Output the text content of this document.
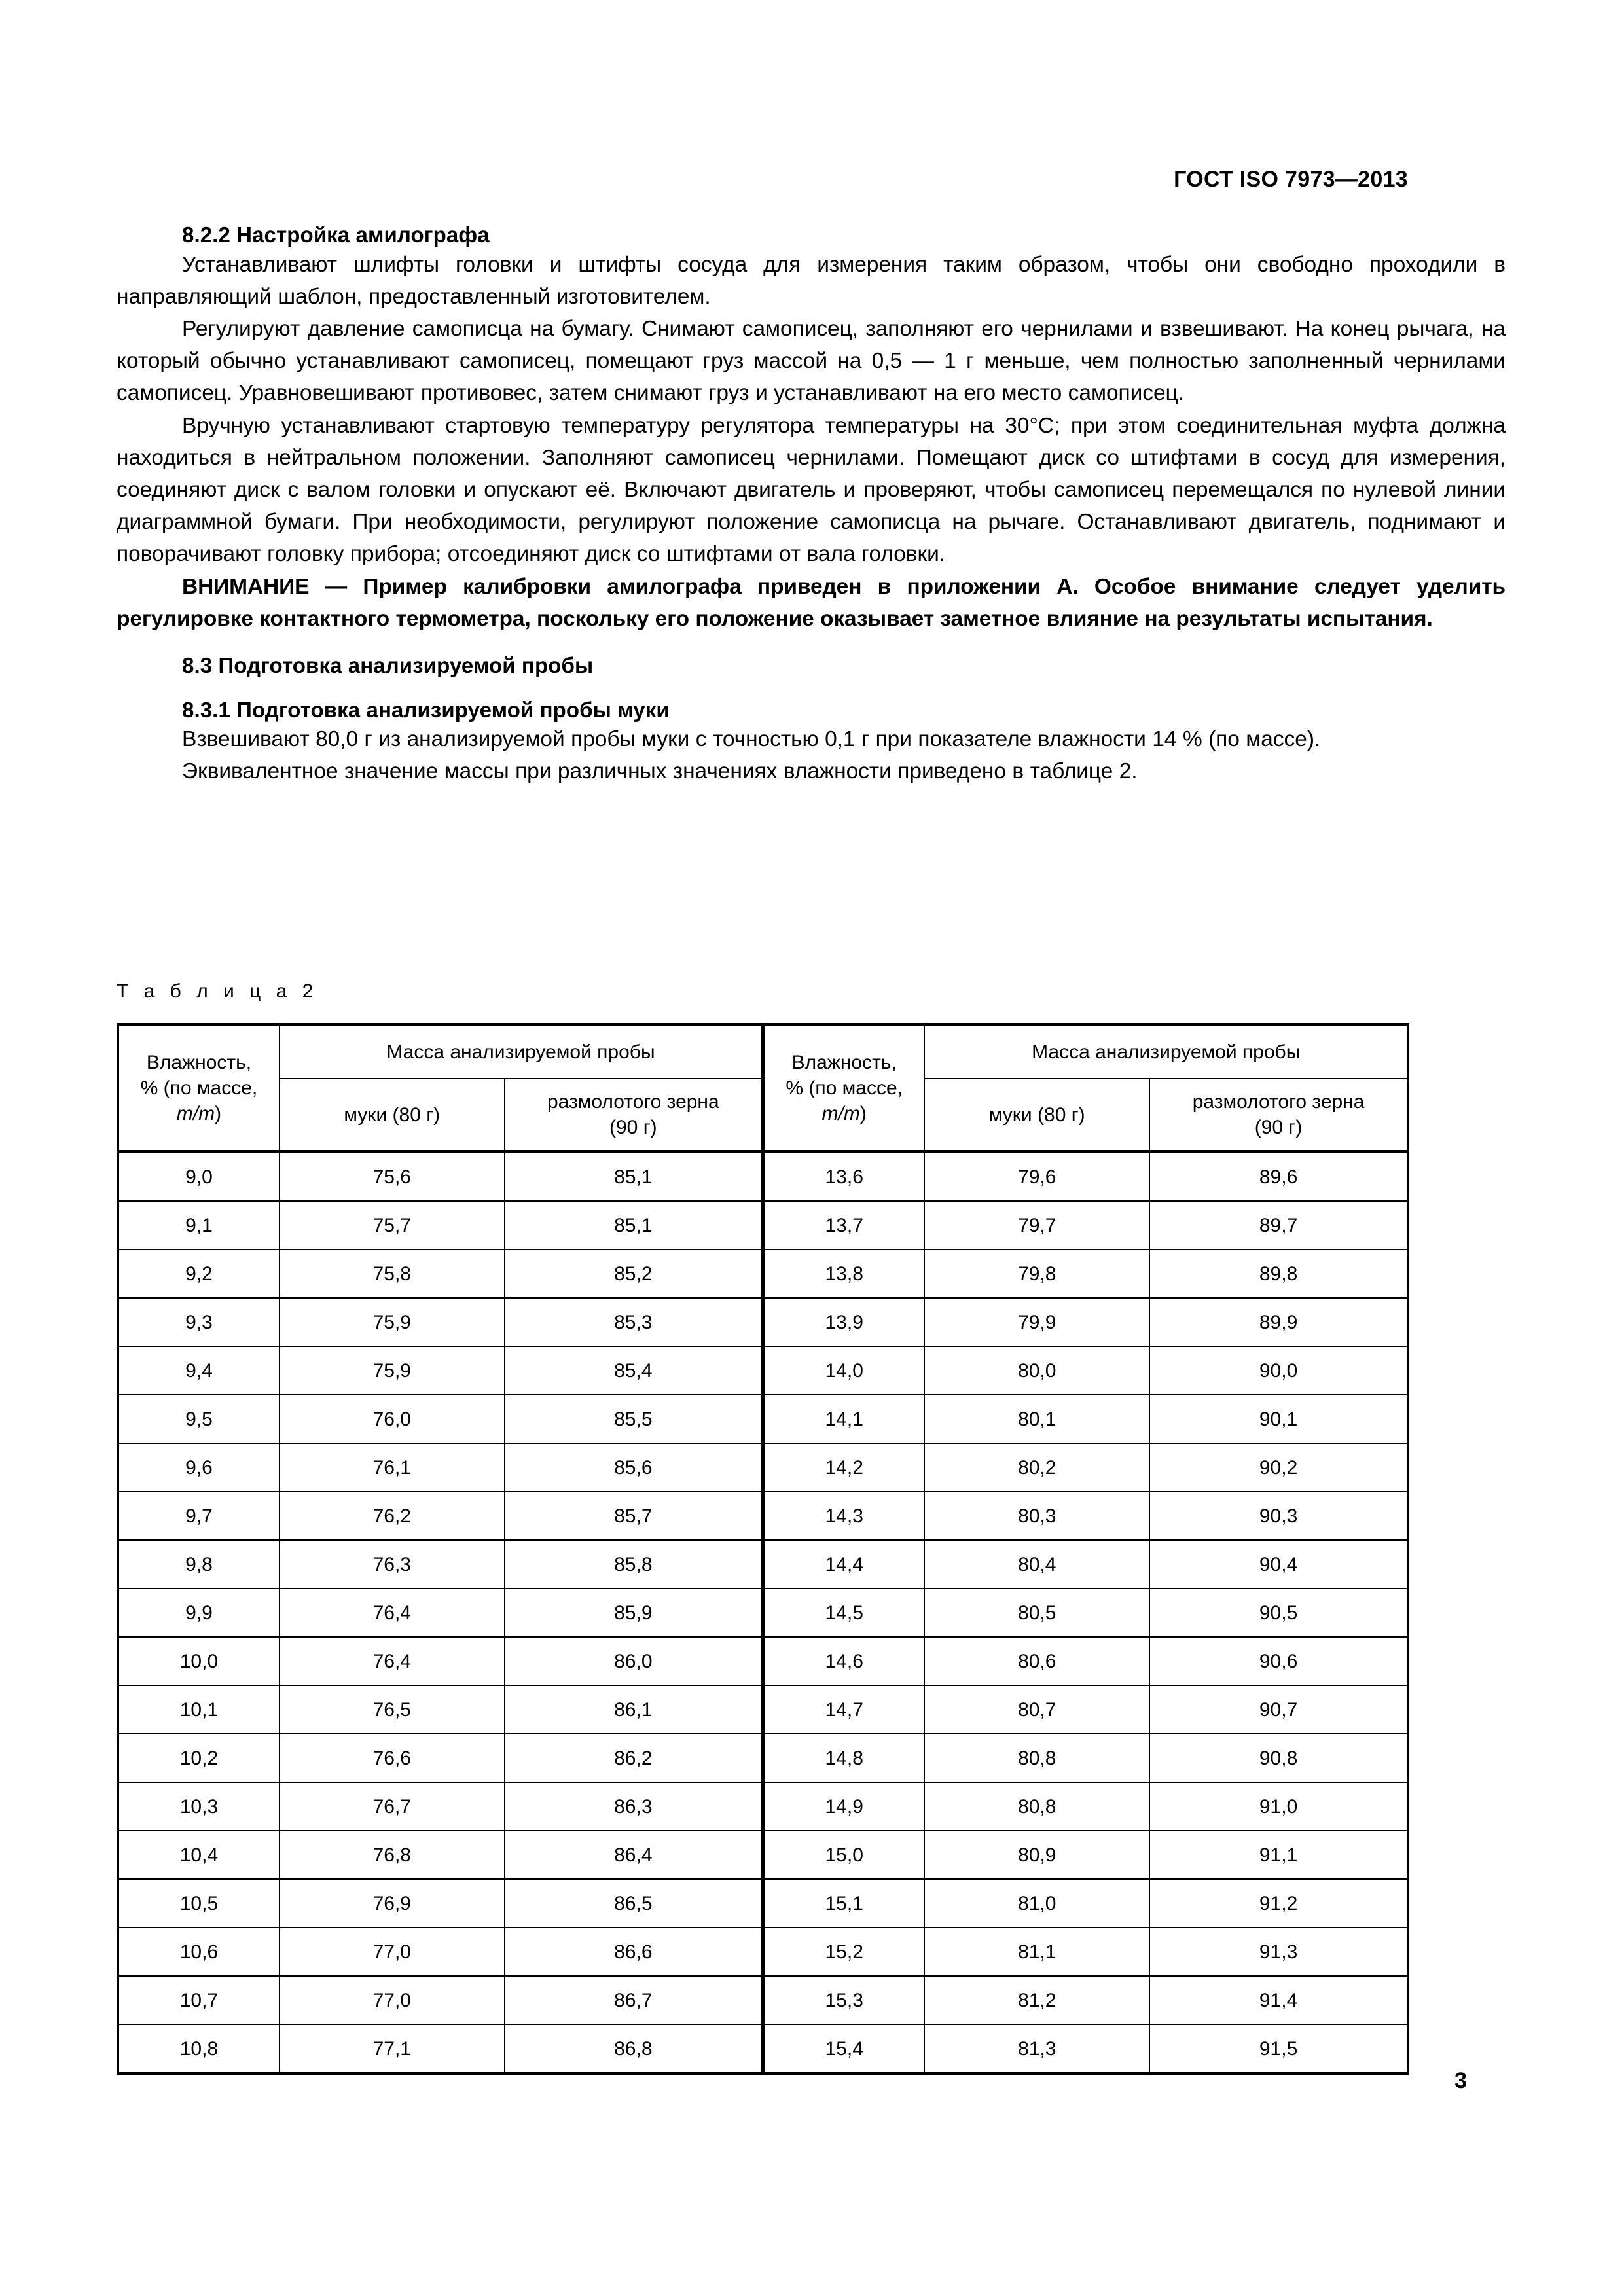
ГОСТ ISO 7973—2013
8.2.2 Настройка амилографа

Устанавливают шлифты головки и штифты сосуда для измерения таким образом, чтобы они свободно проходили в направляющий шаблон, предоставленный изготовителем.

Регулируют давление самописца на бумагу. Снимают самописец, заполняют его чернилами и взвешивают. На конец рычага, на который обычно устанавливают самописец, помещают груз массой на 0,5 — 1 г меньше, чем полностью заполненный чернилами самописец. Уравновешивают противовес, затем снимают груз и устанавливают на его место самописец.

Вручную устанавливают стартовую температуру регулятора температуры на 30°C; при этом соединительная муфта должна находиться в нейтральном положении. Заполняют самописец чернилами. Помещают диск со штифтами в сосуд для измерения, соединяют диск с валом головки и опускают её. Включают двигатель и проверяют, чтобы самописец перемещался по нулевой линии диаграммной бумаги. При необходимости, регулируют положение самописца на рычаге. Останавливают двигатель, поднимают и поворачивают головку прибора; отсоединяют диск со штифтами от вала головки.

ВНИМАНИЕ — Пример калибровки амилографа приведен в приложении А. Особое внимание следует уделить регулировке контактного термометра, поскольку его положение оказывает заметное влияние на результаты испытания.

8.3 Подготовка анализируемой пробы
8.3.1 Подготовка анализируемой пробы муки

Взвешивают 80,0 г из анализируемой пробы муки с точностью 0,1 г при показателе влажности 14 % (по массе).

Эквивалентное значение массы при различных значениях влажности приведено в таблице 2.

Т а б л и ц а 2
Влажность,
% (по массе,
m/m)	Масса анализируемой пробы		Влажность,
% (по массе,
m/m)	Масса анализируемой пробы	
	муки (80 г)	размолотого зерна
(90 г)		муки (80 г)	размолотого зерна
(90 г)

9,0	75,6	85,1	13,6	79,6	89,6
9,1	75,7	85,1	13,7	79,7	89,7
9,2	75,8	85,2	13,8	79,8	89,8
9,3	75,9	85,3	13,9	79,9	89,9
9,4	75,9	85,4	14,0	80,0	90,0
9,5	76,0	85,5	14,1	80,1	90,1
9,6	76,1	85,6	14,2	80,2	90,2
9,7	76,2	85,7	14,3	80,3	90,3
9,8	76,3	85,8	14,4	80,4	90,4
9,9	76,4	85,9	14,5	80,5	90,5
10,0	76,4	86,0	14,6	80,6	90,6
10,1	76,5	86,1	14,7	80,7	90,7
10,2	76,6	86,2	14,8	80,8	90,8
10,3	76,7	86,3	14,9	80,8	91,0
10,4	76,8	86,4	15,0	80,9	91,1
10,5	76,9	86,5	15,1	81,0	91,2
10,6	77,0	86,6	15,2	81,1	91,3
10,7	77,0	86,7	15,3	81,2	91,4
10,8	77,1	86,8	15,4	81,3	91,5
3
